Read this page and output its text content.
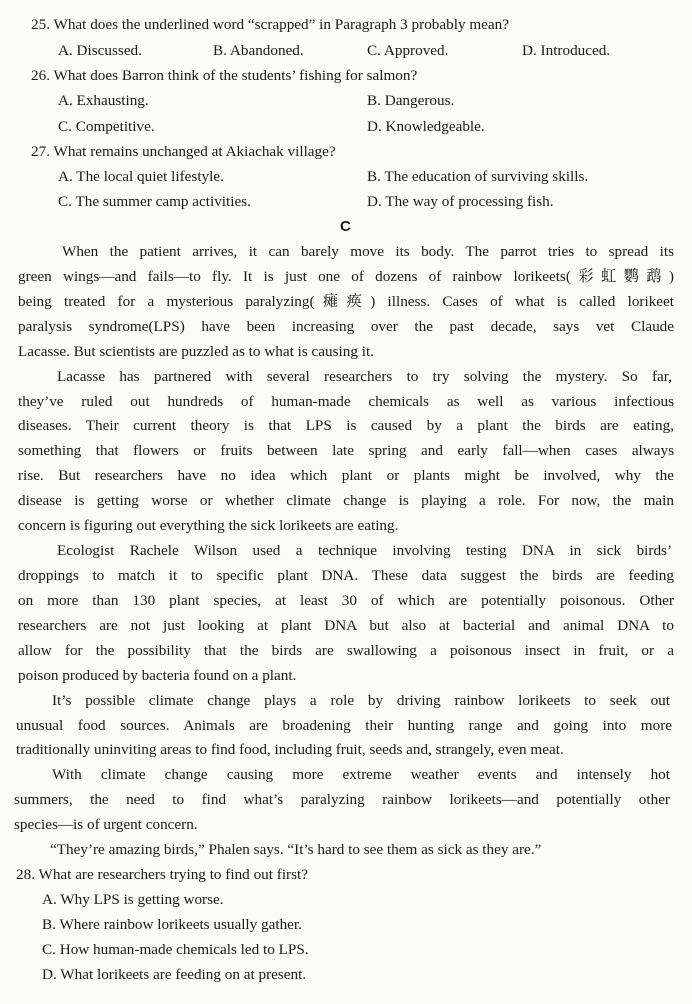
25. What does the underlined word “scrapped” in Paragraph 3 probably mean?
A. Discussed.	B. Abandoned.	C. Approved.	D. Introduced.
26. What does Barron think of the students’ fishing for salmon?
A. Exhausting.	B. Dangerous.
C. Competitive.	D. Knowledgeable.
27. What remains unchanged at Akiachak village?
A. The local quiet lifestyle.	B. The education of surviving skills.
C. The summer camp activities.	D. The way of processing fish.
C
When the patient arrives, it can barely move its body. The parrot tries to spread its
green wings—and fails—to fly. It is just one of dozens of rainbow lorikeets(彩虹鹦鹉)
being treated for a mysterious paralyzing(瘫痪) illness. Cases of what is called lorikeet
paralysis syndrome(LPS) have been increasing over the past decade, says vet Claude
Lacasse. But scientists are puzzled as to what is causing it.
Lacasse has partnered with several researchers to try solving the mystery. So far,
they’ve ruled out hundreds of human-made chemicals as well as various infectious
diseases. Their current theory is that LPS is caused by a plant the birds are eating,
something that flowers or fruits between late spring and early fall—when cases always
rise. But researchers have no idea which plant or plants might be involved, why the
disease is getting worse or whether climate change is playing a role. For now, the main
concern is figuring out everything the sick lorikeets are eating.
Ecologist Rachele Wilson used a technique involving testing DNA in sick birds’
droppings to match it to specific plant DNA. These data suggest the birds are feeding
on more than 130 plant species, at least 30 of which are potentially poisonous. Other
researchers are not just looking at plant DNA but also at bacterial and animal DNA to
allow for the possibility that the birds are swallowing a poisonous insect in fruit, or a
poison produced by bacteria found on a plant.
It’s possible climate change plays a role by driving rainbow lorikeets to seek out
unusual food sources. Animals are broadening their hunting range and going into more
traditionally uninviting areas to find food, including fruit, seeds and, strangely, even meat.
With climate change causing more extreme weather events and intensely hot
summers, the need to find what’s paralyzing rainbow lorikeets—and potentially other
species—is of urgent concern.
“They’re amazing birds,” Phalen says. “It’s hard to see them as sick as they are.”
28. What are researchers trying to find out first?
A. Why LPS is getting worse.
B. Where rainbow lorikeets usually gather.
C. How human-made chemicals led to LPS.
D. What lorikeets are feeding on at present.
